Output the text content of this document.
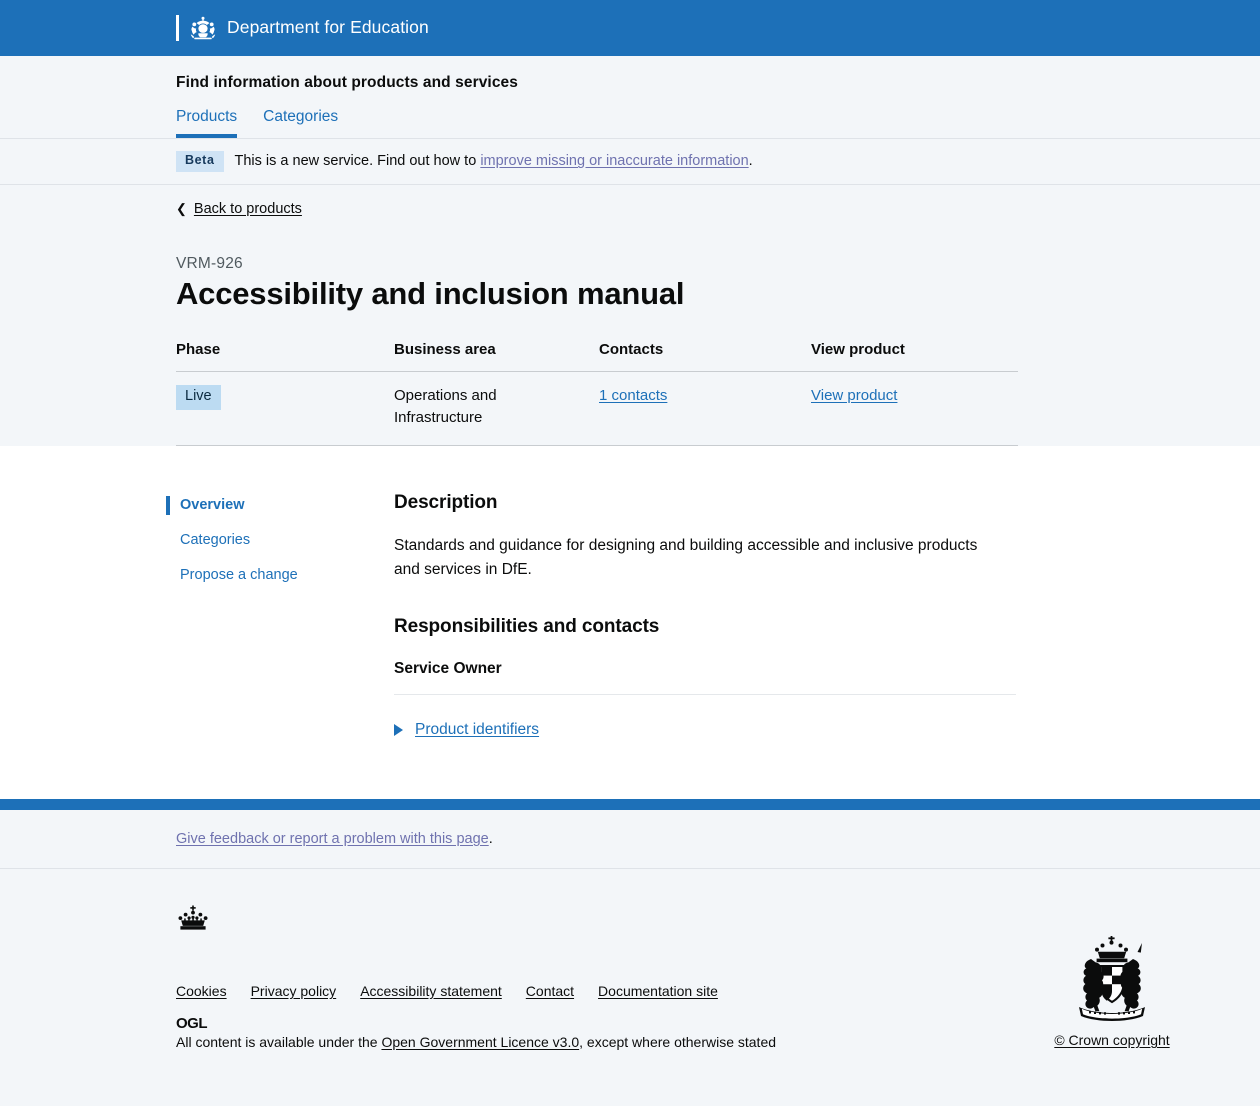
Department for Education
Find information about products and services
Products Categories
Beta	This is a new service. Find out how to improve missing or inaccurate information.
❮ Back to products
VRM-926
Accessibility and inclusion manual
Phase	Business area	Contacts	View product
Live	Operations and Infrastructure	1 contacts	View product
Overview
Categories
Propose a change
Description

Standards and guidance for designing and building accessible and inclusive products and services in DfE.

Responsibilities and contacts
Service Owner
Product identifiers
Give feedback or report a problem with this page.
Cookies Privacy policy Accessibility statement Contact Documentation site
OGL
All content is available under the Open Government Licence v3.0, except where otherwise stated	© Crown copyright
